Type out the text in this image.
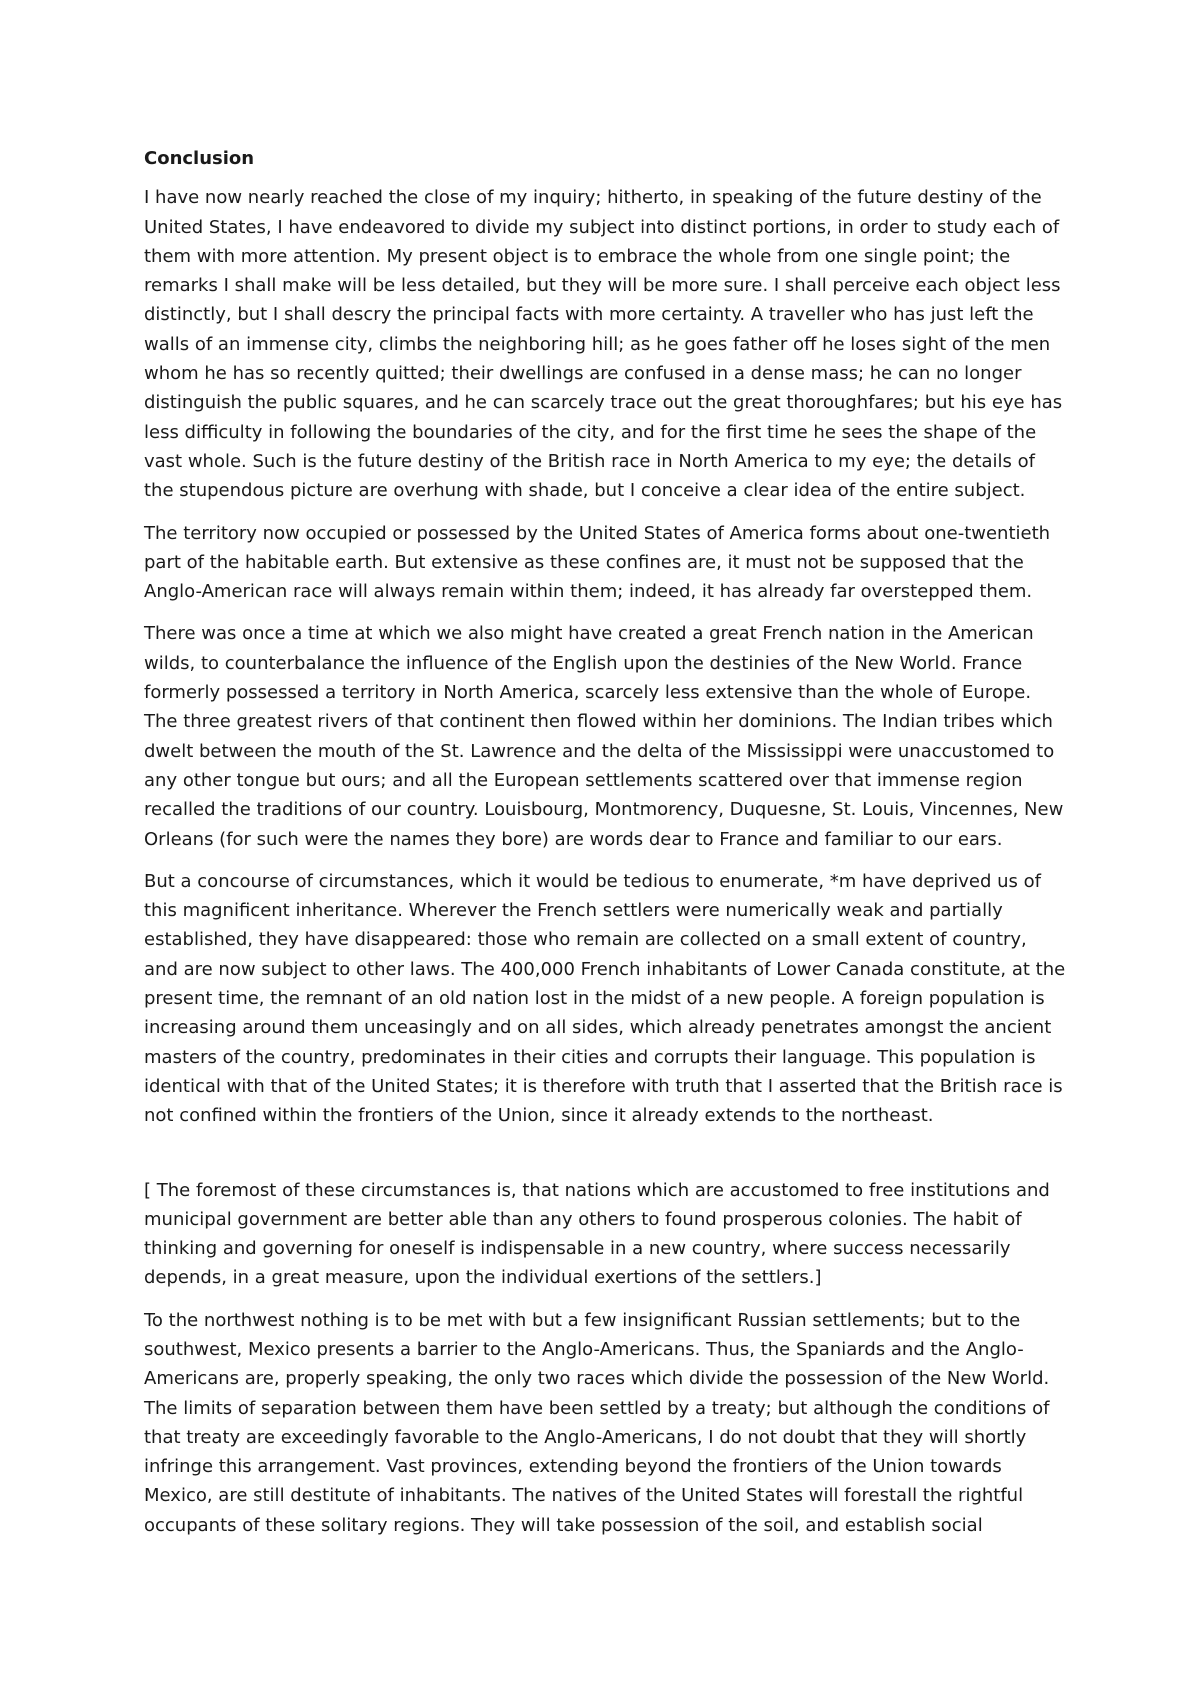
Conclusion

I have now nearly reached the close of my inquiry; hitherto, in speaking of the future destiny of the United States, I have endeavored to divide my subject into distinct portions, in order to study each of them with more attention. My present object is to embrace the whole from one single point; the remarks I shall make will be less detailed, but they will be more sure. I shall perceive each object less distinctly, but I shall descry the principal facts with more certainty. A traveller who has just left the walls of an immense city, climbs the neighboring hill; as he goes father off he loses sight of the men whom he has so recently quitted; their dwellings are confused in a dense mass; he can no longer distinguish the public squares, and he can scarcely trace out the great thoroughfares; but his eye has less difficulty in following the boundaries of the city, and for the first time he sees the shape of the vast whole. Such is the future destiny of the British race in North America to my eye; the details of the stupendous picture are overhung with shade, but I conceive a clear idea of the entire subject.

The territory now occupied or possessed by the United States of America forms about one-twentieth part of the habitable earth. But extensive as these confines are, it must not be supposed that the Anglo-American race will always remain within them; indeed, it has already far overstepped them.

There was once a time at which we also might have created a great French nation in the American wilds, to counterbalance the influence of the English upon the destinies of the New World. France formerly possessed a territory in North America, scarcely less extensive than the whole of Europe. The three greatest rivers of that continent then flowed within her dominions. The Indian tribes which dwelt between the mouth of the St. Lawrence and the delta of the Mississippi were unaccustomed to any other tongue but ours; and all the European settlements scattered over that immense region recalled the traditions of our country. Louisbourg, Montmorency, Duquesne, St. Louis, Vincennes, New Orleans (for such were the names they bore) are words dear to France and familiar to our ears.

But a concourse of circumstances, which it would be tedious to enumerate, *m have deprived us of this magnificent inheritance. Wherever the French settlers were numerically weak and partially established, they have disappeared: those who remain are collected on a small extent of country, and are now subject to other laws. The 400,000 French inhabitants of Lower Canada constitute, at the present time, the remnant of an old nation lost in the midst of a new people. A foreign population is increasing around them unceasingly and on all sides, which already penetrates amongst the ancient masters of the country, predominates in their cities and corrupts their language. This population is identical with that of the United States; it is therefore with truth that I asserted that the British race is not confined within the frontiers of the Union, since it already extends to the northeast.

[ The foremost of these circumstances is, that nations which are accustomed to free institutions and municipal government are better able than any others to found prosperous colonies. The habit of thinking and governing for oneself is indispensable in a new country, where success necessarily depends, in a great measure, upon the individual exertions of the settlers.]

To the northwest nothing is to be met with but a few insignificant Russian settlements; but to the southwest, Mexico presents a barrier to the Anglo-Americans. Thus, the Spaniards and the Anglo-Americans are, properly speaking, the only two races which divide the possession of the New World. The limits of separation between them have been settled by a treaty; but although the conditions of that treaty are exceedingly favorable to the Anglo-Americans, I do not doubt that they will shortly infringe this arrangement. Vast provinces, extending beyond the frontiers of the Union towards Mexico, are still destitute of inhabitants. The natives of the United States will forestall the rightful occupants of these solitary regions. They will take possession of the soil, and establish social
